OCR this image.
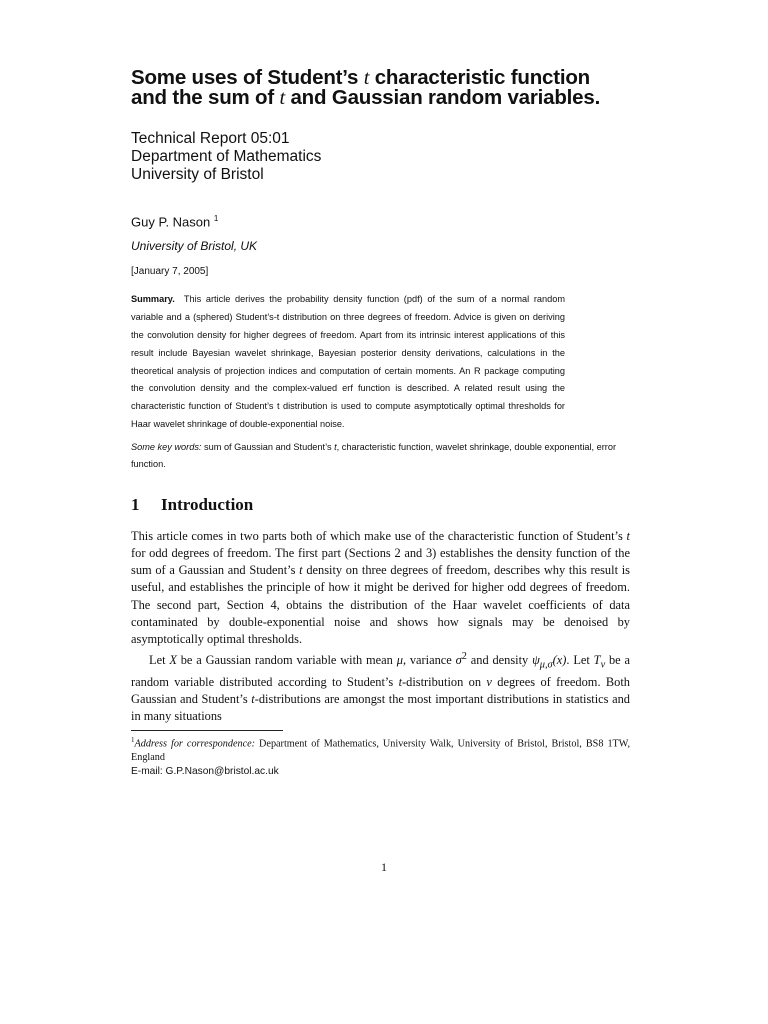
Some uses of Student’s t characteristic function
and the sum of t and Gaussian random variables.
Technical Report 05:01
Department of Mathematics
University of Bristol
Guy P. Nason $^1$
University of Bristol, UK
[January 7, 2005]
Summary. This article derives the probability density function (pdf) of the sum of a normal random variable and a (sphered) Student’s-t distribution on three degrees of freedom. Advice is given on deriving the convolution density for higher degrees of freedom. Apart from its intrinsic interest applications of this result include Bayesian wavelet shrinkage, Bayesian posterior density derivations, calculations in the theoretical analysis of projection indices and computation of certain moments. An R package computing the convolution density and the complex-valued erf function is described. A related result using the characteristic function of Student’s t distribution is used to compute asymptotically optimal thresholds for Haar wavelet shrinkage of double-exponential noise.
Some key words: sum of Gaussian and Student’s t, characteristic function, wavelet shrinkage, double exponential, error function.
1 Introduction

This article comes in two parts both of which make use of the characteristic function of Student’s t for odd degrees of freedom. The first part (Sections 2 and 3) establishes the density function of the sum of a Gaussian and Student’s t density on three degrees of freedom, describes why this result is useful, and establishes the principle of how it might be derived for higher odd degrees of freedom. The second part, Section 4, obtains the distribution of the Haar wavelet coefficients of data contaminated by double-exponential noise and shows how signals may be denoised by asymptotically optimal thresholds.

Let X be a Gaussian random variable with mean μ, variance $\sigma^2$ and density $\psi_{\mu,\sigma}(x)$. Let $T_\nu$ be a random variable distributed according to Student’s t-distribution on ν degrees of freedom. Both Gaussian and Student’s t-distributions are amongst the most important distributions in statistics and in many situations

$^1$Address for correspondence: Department of Mathematics, University Walk, University of Bristol, Bristol, BS8 1TW, England
E-mail: G.P.Nason@bristol.ac.uk
1
